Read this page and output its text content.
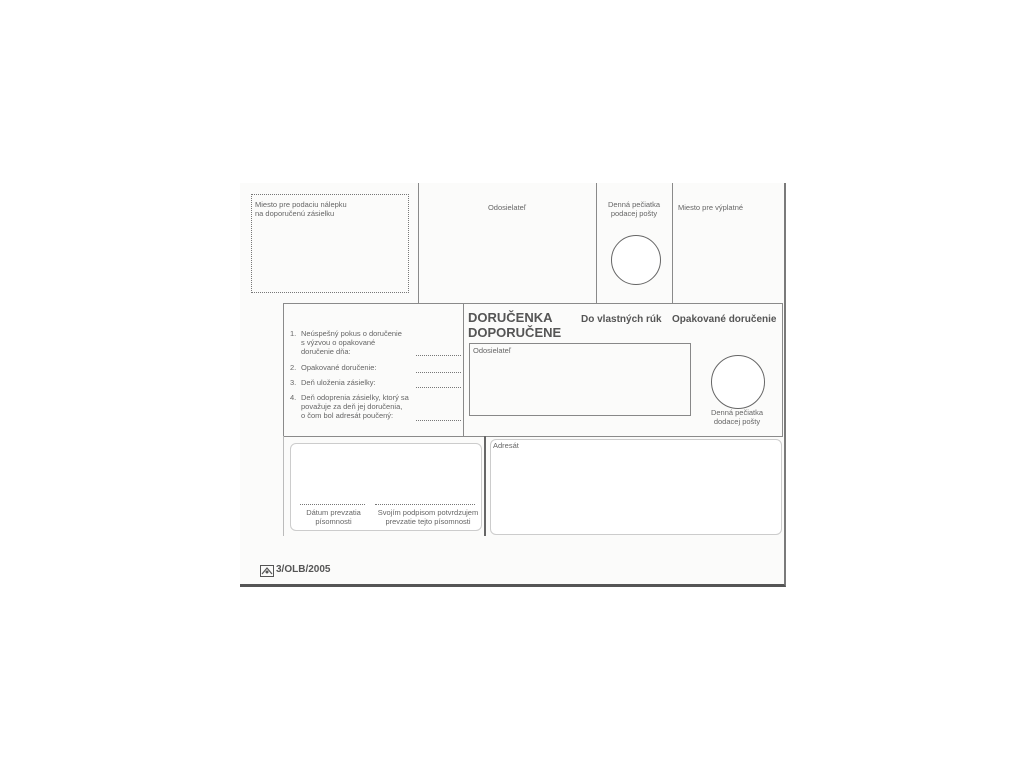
Miesto pre podaciu nálepku
na doporučenú zásielku
Odosielateľ	Denná pečiatka
podacej pošty
Miesto pre výplatné
1. Neúspešný pokus o doručenie
s výzvou o opakované
doručenie dňa:
2. Opakované doručenie:
3. Deň uloženia zásielky:
4. Deň odoprenia zásielky, ktorý sa
považuje za deň jej doručenia,
o čom bol adresát poučený:
DORUČENKA
DOPORUČENE
Do vlastných rúk Opakované doručenie
Odosielateľ
Denná pečiatka
dodacej pošty
Dátum prevzatia
písomnosti
Svojím podpisom potvrdzujem
prevzatie tejto písomnosti
Adresát
3/OLB/2005
